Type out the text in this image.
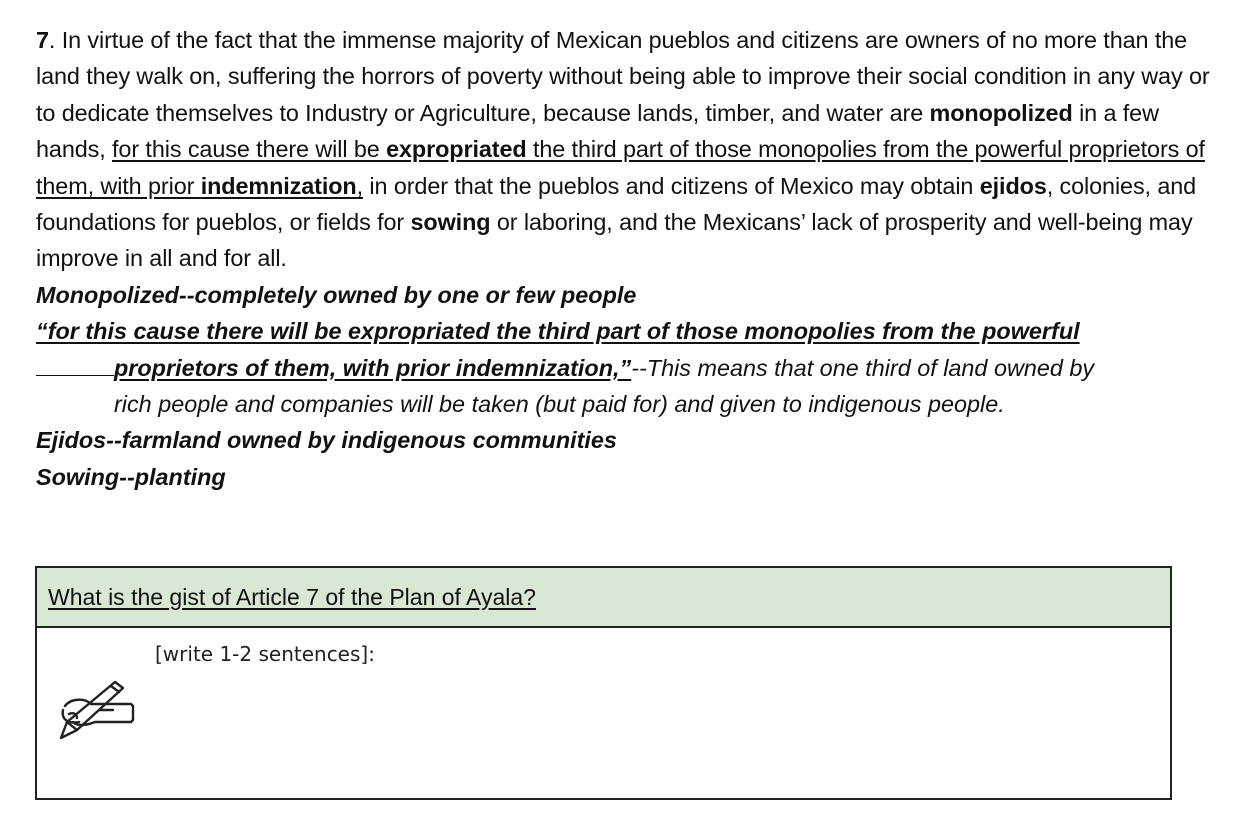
7. In virtue of the fact that the immense majority of Mexican pueblos and citizens are owners of no more than the land they walk on, suffering the horrors of poverty without being able to improve their social condition in any way or to dedicate themselves to Industry or Agriculture, because lands, timber, and water are monopolized in a few hands, for this cause there will be expropriated the third part of those monopolies from the powerful proprietors of them, with prior indemnization, in order that the pueblos and citizens of Mexico may obtain ejidos, colonies, and foundations for pueblos, or fields for sowing or laboring, and the Mexicans’ lack of prosperity and well-being may improve in all and for all.

Monopolized--completely owned by one or few people

“for this cause there will be expropriated the third part of those monopolies from the powerful
proprietors of them, with prior indemnization,”--This means that one third of land owned by
rich people and companies will be taken (but paid for) and given to indigenous people.

Ejidos--farmland owned by indigenous communities

Sowing--planting

What is the gist of Article 7 of the Plan of Ayala?
[write 1-2 sentences]:
